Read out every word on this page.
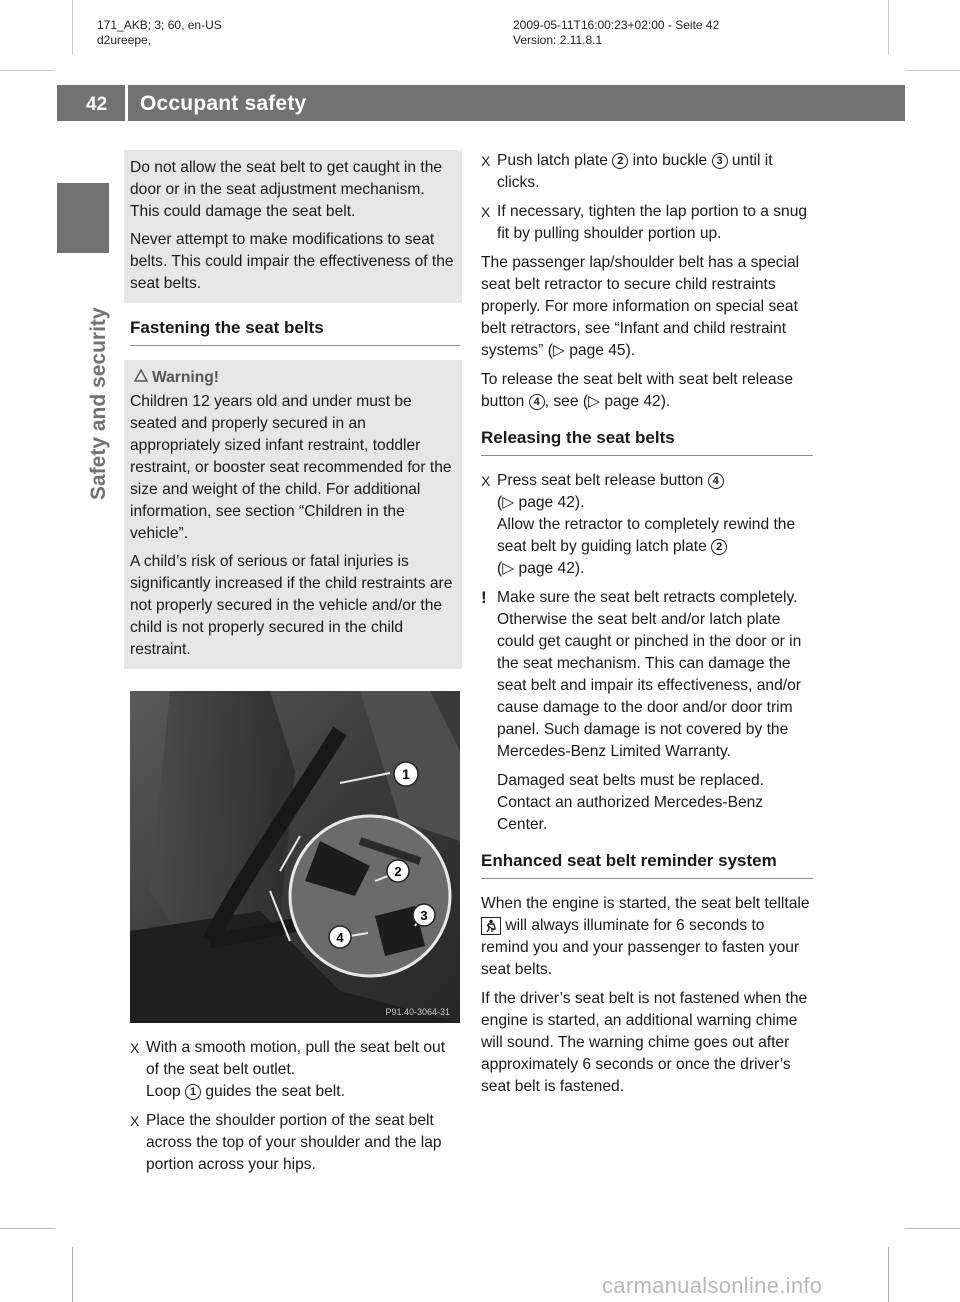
171_AKB; 3; 60, en-US
d2ureepe,
2009-05-11T16:00:23+02:00 - Seite 42
Version: 2.11.8.1
42 Occupant safety
Safety and security

Do not allow the seat belt to get caught in the door or in the seat adjustment mechanism. This could damage the seat belt.

Never attempt to make modifications to seat belts. This could impair the effectiveness of the seat belts.

Fastening the seat belts
Warning!

Children 12 years old and under must be seated and properly secured in an appropriately sized infant restraint, toddler restraint, or booster seat recommended for the size and weight of the child. For additional information, see section “Children in the vehicle”.

A child’s risk of serious or fatal injuries is significantly increased if the child restraints are not properly secured in the vehicle and/or the child is not properly secured in the child restraint.

1
2
3
4
P91.40-3064-31
X With a smooth motion, pull the seat belt out of the seat belt outlet.
Loop 1 guides the seat belt.
X Place the shoulder portion of the seat belt across the top of your shoulder and the lap portion across your hips.
X Push latch plate 2 into buckle 3 until it clicks.
X If necessary, tighten the lap portion to a snug fit by pulling shoulder portion up.

The passenger lap/shoulder belt has a special seat belt retractor to secure child restraints properly. For more information on special seat belt retractors, see “Infant and child restraint systems” (▷ page 45).

To release the seat belt with seat belt release button 4 , see (▷ page 42).

Releasing the seat belts
X Press seat belt release button 4
(▷ page 42).
Allow the retractor to completely rewind the seat belt by guiding latch plate 2
(▷ page 42).
! Make sure the seat belt retracts completely. Otherwise the seat belt and/or latch plate could get caught or pinched in the door or in the seat mechanism. This can damage the seat belt and impair its effectiveness, and/or cause damage to the door and/or door trim panel. Such damage is not covered by the Mercedes-Benz Limited Warranty.

Damaged seat belts must be replaced. Contact an authorized Mercedes-Benz Center.

Enhanced seat belt reminder system

When the engine is started, the seat belt telltale  will always illuminate for 6 seconds to remind you and your passenger to fasten your seat belts.

If the driver’s seat belt is not fastened when the engine is started, an additional warning chime will sound. The warning chime goes out after approximately 6 seconds or once the driver’s seat belt is fastened.

carmanualsonline.info
